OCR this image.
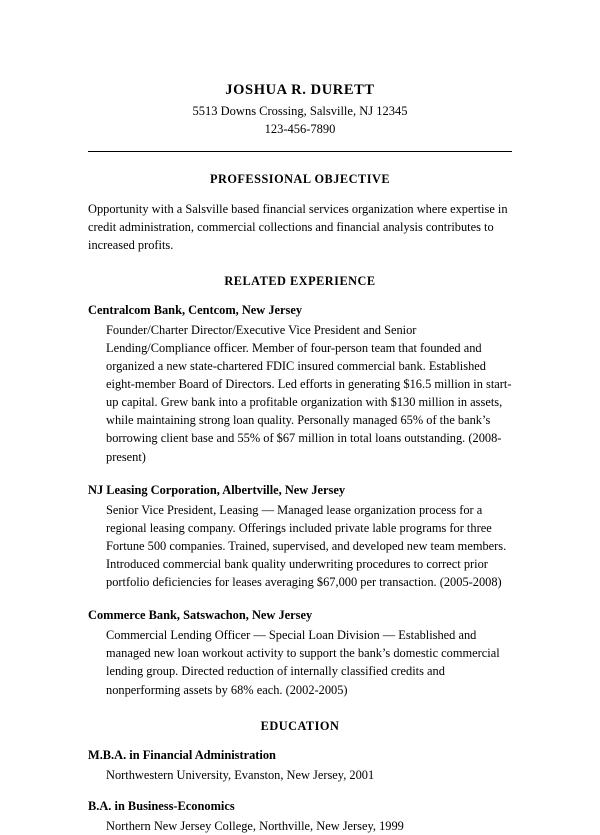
JOSHUA R. DURETT
5513 Downs Crossing, Salsville, NJ 12345
123-456-7890
PROFESSIONAL OBJECTIVE

Opportunity with a Salsville based financial services organization where expertise in credit administration, commercial collections and financial analysis contributes to increased profits.

RELATED EXPERIENCE

Centralcom Bank, Centcom, New Jersey

Founder/Charter Director/Executive Vice President and Senior Lending/Compliance officer. Member of four-person team that founded and organized a new state-chartered FDIC insured commercial bank. Established eight-member Board of Directors. Led efforts in generating $16.5 million in start-up capital. Grew bank into a profitable organization with $130 million in assets, while maintaining strong loan quality. Personally managed 65% of the bank’s borrowing client base and 55% of $67 million in total loans outstanding. (2008-present)

NJ Leasing Corporation, Albertville, New Jersey

Senior Vice President, Leasing — Managed lease organization process for a regional leasing company. Offerings included private lable programs for three Fortune 500 companies. Trained, supervised, and developed new team members. Introduced commercial bank quality underwriting procedures to correct prior portfolio deficiencies for leases averaging $67,000 per transaction. (2005-2008)

Commerce Bank, Satswachon, New Jersey

Commercial Lending Officer — Special Loan Division — Established and managed new loan workout activity to support the bank’s domestic commercial lending group. Directed reduction of internally classified credits and nonperforming assets by 68% each. (2002-2005)

EDUCATION

M.B.A. in Financial Administration

Northwestern University, Evanston, New Jersey, 2001

B.A. in Business-Economics

Northern New Jersey College, Northville, New Jersey, 1999
